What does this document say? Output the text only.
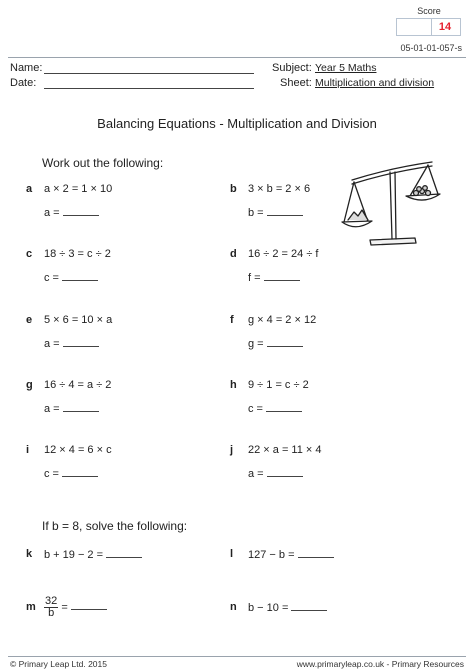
Score
14
05-01-01-057-s
Name:
Date:
Subject: Year 5 Maths
Sheet: Multiplication and division
Balancing Equations - Multiplication and Division
Work out the following:
a a × 2 = 1 × 10
a =
b 3 × b = 2 × 6
b =
c 18 ÷ 3 = c ÷ 2
c =
d 16 ÷ 2 = 24 ÷ f
f =
e 5 × 6 = 10 × a
a =
f g × 4 = 2 × 12
g =
g 16 ÷ 4 = a ÷ 2
a =
h 9 ÷ 1 = c ÷ 2
c =
i 12 × 4 = 6 × c
c =
j 22 × a = 11 × 4
a =
If b = 8, solve the following:
k b + 19 − 2 =	l 127 − b =
m $\frac{32}{b}$ =	n b − 10 =
© Primary Leap Ltd. 2015	www.primaryleap.co.uk - Primary Resources
